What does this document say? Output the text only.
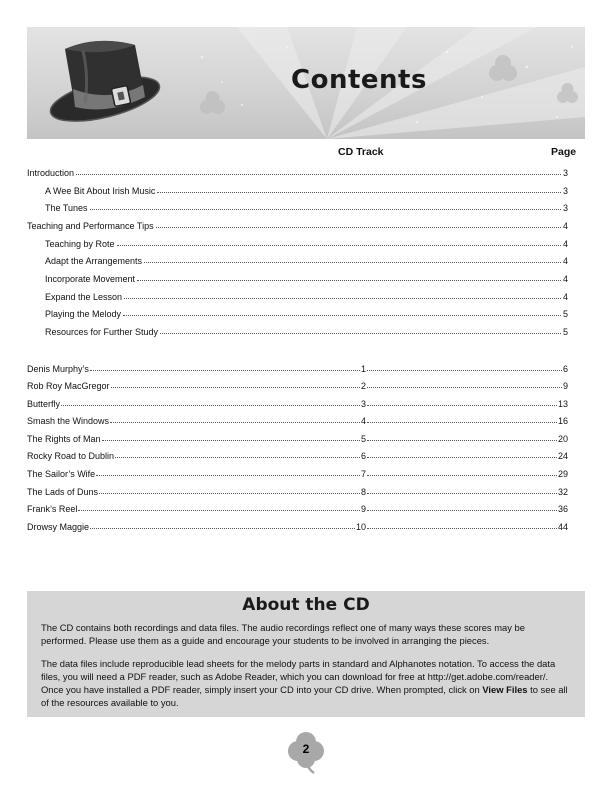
Contents
CD Track	Page
Introduction	3
A Wee Bit About Irish Music	3
The Tunes	3
Teaching and Performance Tips	4
Teaching by Rote	4
Adapt the Arrangements	4
Incorporate Movement	4
Expand the Lesson	4
Playing the Melody	5
Resources for Further Study	5
Denis Murphy’s	1	6
Rob Roy MacGregor	2	9
Butterfly	3	13
Smash the Windows	4	16
The Rights of Man	5	20
Rocky Road to Dublin	6	24
The Sailor’s Wife	7	29
The Lads of Duns	8	32
Frank’s Reel	9	36
Drowsy Maggie	10	44
About the CD

The CD contains both recordings and data files. The audio recordings reflect one of many ways these scores may be performed. Please use them as a guide and encourage your students to be involved in arranging the pieces.

The data files include reproducible lead sheets for the melody parts in standard and Alphanotes notation. To access the data files, you will need a PDF reader, such as Adobe Reader, which you can download for free at http://get.adobe.com/reader/. Once you have installed a PDF reader, simply insert your CD into your CD drive. When prompted, click on View Files to see all of the resources available to you.

2
